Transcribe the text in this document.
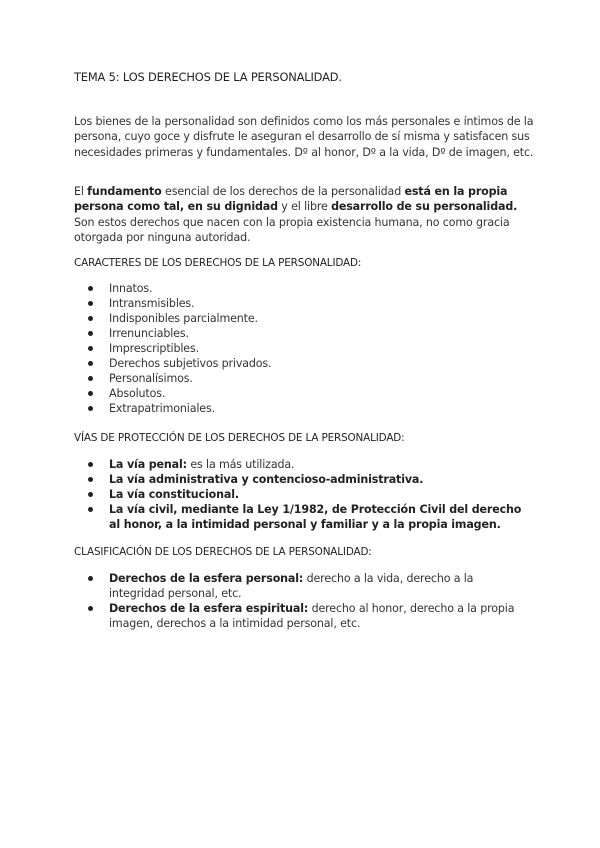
TEMA 5: LOS DERECHOS DE LA PERSONALIDAD.

Los bienes de la personalidad son definidos como los más personales e íntimos de la persona, cuyo goce y disfrute le aseguran el desarrollo de sí misma y satisfacen sus necesidades primeras y fundamentales. Dº al honor, Dº a la vida, Dº de imagen, etc.

El fundamento esencial de los derechos de la personalidad está en la propia persona como tal, en su dignidad y el libre desarrollo de su personalidad. Son estos derechos que nacen con la propia existencia humana, no como gracia otorgada por ninguna autoridad.

CARACTERES DE LOS DERECHOS DE LA PERSONALIDAD:
Innatos.
Intransmisibles.
Indisponibles parcialmente.
Irrenunciables.
Imprescriptibles.
Derechos subjetivos privados.
Personalísimos.
Absolutos.
Extrapatrimoniales.
VÍAS DE PROTECCIÓN DE LOS DERECHOS DE LA PERSONALIDAD:
La vía penal: es la más utilizada.
La vía administrativa y contencioso-administrativa.
La vía constitucional.
La vía civil, mediante la Ley 1/1982, de Protección Civil del derecho al honor, a la intimidad personal y familiar y a la propia imagen.
CLASIFICACIÓN DE LOS DERECHOS DE LA PERSONALIDAD:
Derechos de la esfera personal: derecho a la vida, derecho a la integridad personal, etc.
Derechos de la esfera espiritual: derecho al honor, derecho a la propia imagen, derechos a la intimidad personal, etc.
